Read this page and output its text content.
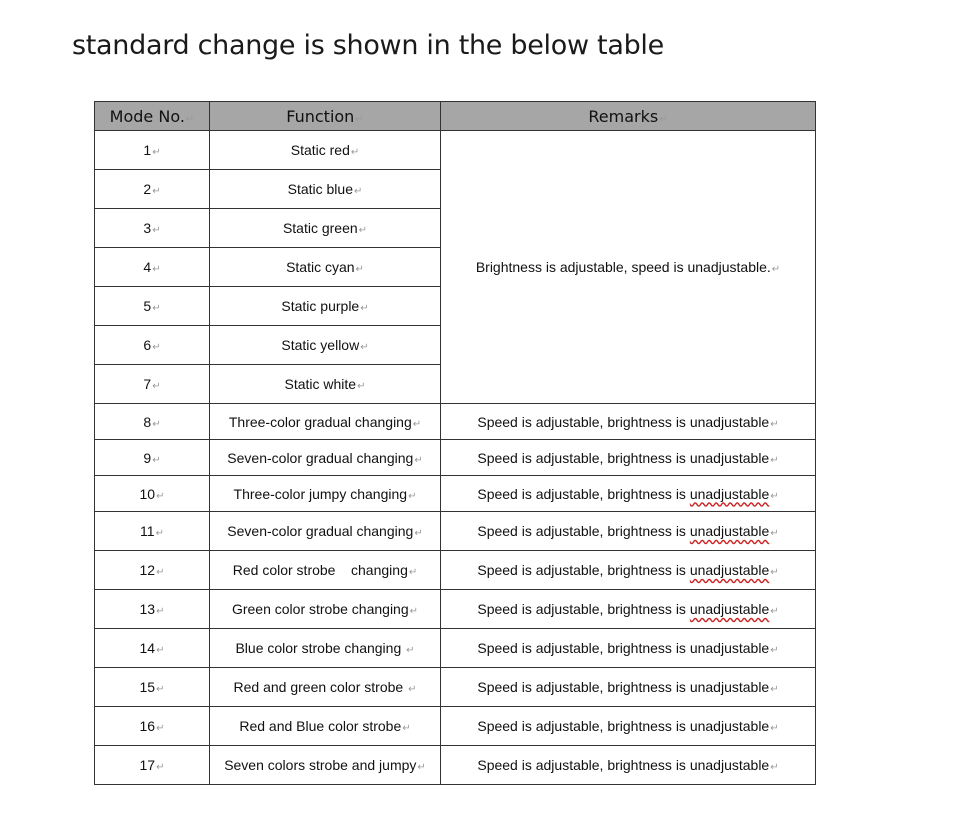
standard change is shown in the below table
Mode No.↵	Function↵	Remarks↵
1↵	Static red↵	Brightness is adjustable, speed is unadjustable.↵
2↵	Static blue↵	
3↵	Static green↵	
4↵	Static cyan↵	
5↵	Static purple↵	
6↵	Static yellow↵	
7↵	Static white↵	
8↵	Three-color gradual changing↵	Speed is adjustable, brightness is unadjustable↵
9↵	Seven-color gradual changing↵	Speed is adjustable, brightness is unadjustable↵
10↵	Three-color jumpy changing↵	Speed is adjustable, brightness is unadjustable↵
11↵	Seven-color gradual changing↵	Speed is adjustable, brightness is unadjustable↵
12↵	Red color strobe    changing↵	Speed is adjustable, brightness is unadjustable↵
13↵	Green color strobe changing↵	Speed is adjustable, brightness is unadjustable↵
14↵	Blue color strobe changing ↵	Speed is adjustable, brightness is unadjustable↵
15↵	Red and green color strobe ↵	Speed is adjustable, brightness is unadjustable↵
16↵	Red and Blue color strobe↵	Speed is adjustable, brightness is unadjustable↵
17↵	Seven colors strobe and jumpy↵	Speed is adjustable, brightness is unadjustable↵
